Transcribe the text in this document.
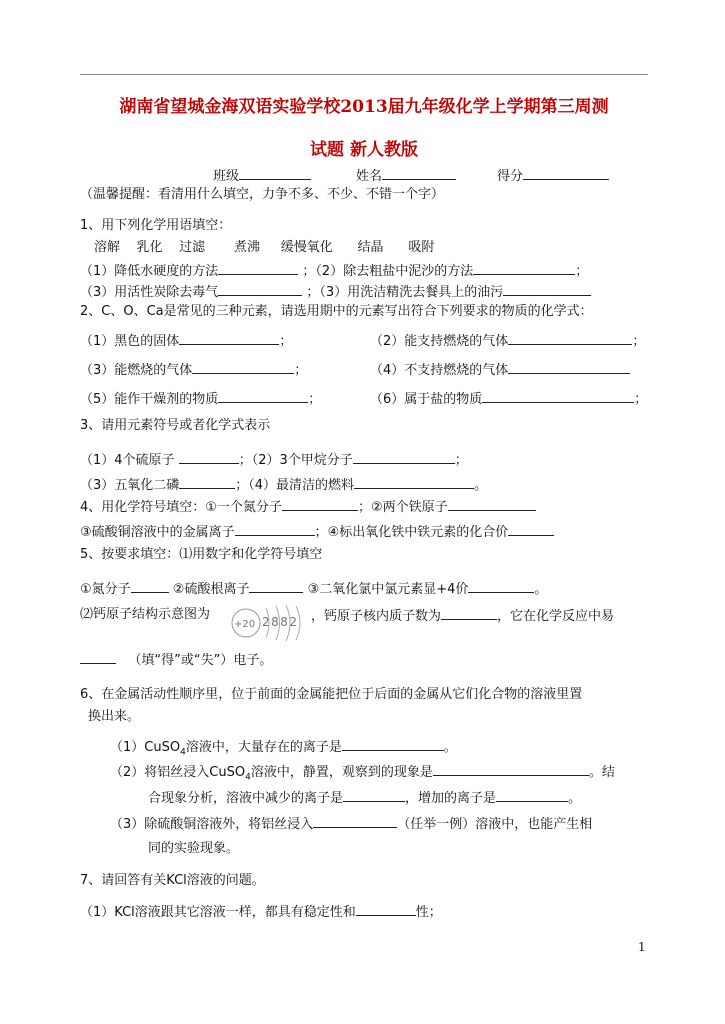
湖南省望城金海双语实验学校2013届九年级化学上学期第三周测
试题 新人教版
班级	姓名	得分
（温馨提醒：看清用什么填空，力争不多、不少、不错一个字）
1、用下列化学用语填空：
溶解 乳化 过滤 煮沸 缓慢氧化 结晶 吸附
（1）降低水硬度的方法	；（2）除去粗盐中泥沙的方法	；
（3）用活性炭除去毒气	；（3）用洗洁精洗去餐具上的油污
2、C、O、Ca是常见的三种元素，请选用期中的元素写出符合下列要求的物质的化学式：
（1）黑色的固体	；	（2）能支持燃烧的气体	；
（3）能燃烧的气体	；	（4）不支持燃烧的气体
（5）能作干燥剂的物质	；	（6）属于盐的物质	；
3、请用元素符号或者化学式表示
（1）4个硫原子	；（2）3个甲烷分子	；
（3）五氧化二磷	；（4）最清洁的燃料	。
4、用化学符号填空：①一个氮分子	；②两个铁原子
③硫酸铜溶液中的金属离子	；④标出氧化铁中铁元素的化合价
5、按要求填空：⑴用数字和化学符号填空
①氮分子	②硫酸根离子	③二氧化氯中氯元素显+4价	。
⑵钙原子结构示意图为
+20 2882 ，钙原子核内质子数为	，它在化学反应中易
（填“得”或“失”）电子。
6、在金属活动性顺序里，位于前面的金属能把位于后面的金属从它们化合物的溶液里置
换出来。
（1）CuSO$_4$溶液中，大量存在的离子是	。
（2）将铝丝浸入CuSO$_4$溶液中，静置，观察到的现象是	。结
合现象分析，溶液中减少的离子是	，增加的离子是	。
（3）除硫酸铜溶液外，将铝丝浸入	（任举一例）溶液中，也能产生相
同的实验现象。
7、请回答有关KCl溶液的问题。
（1）KCl溶液跟其它溶液一样，都具有稳定性和	性；
1
